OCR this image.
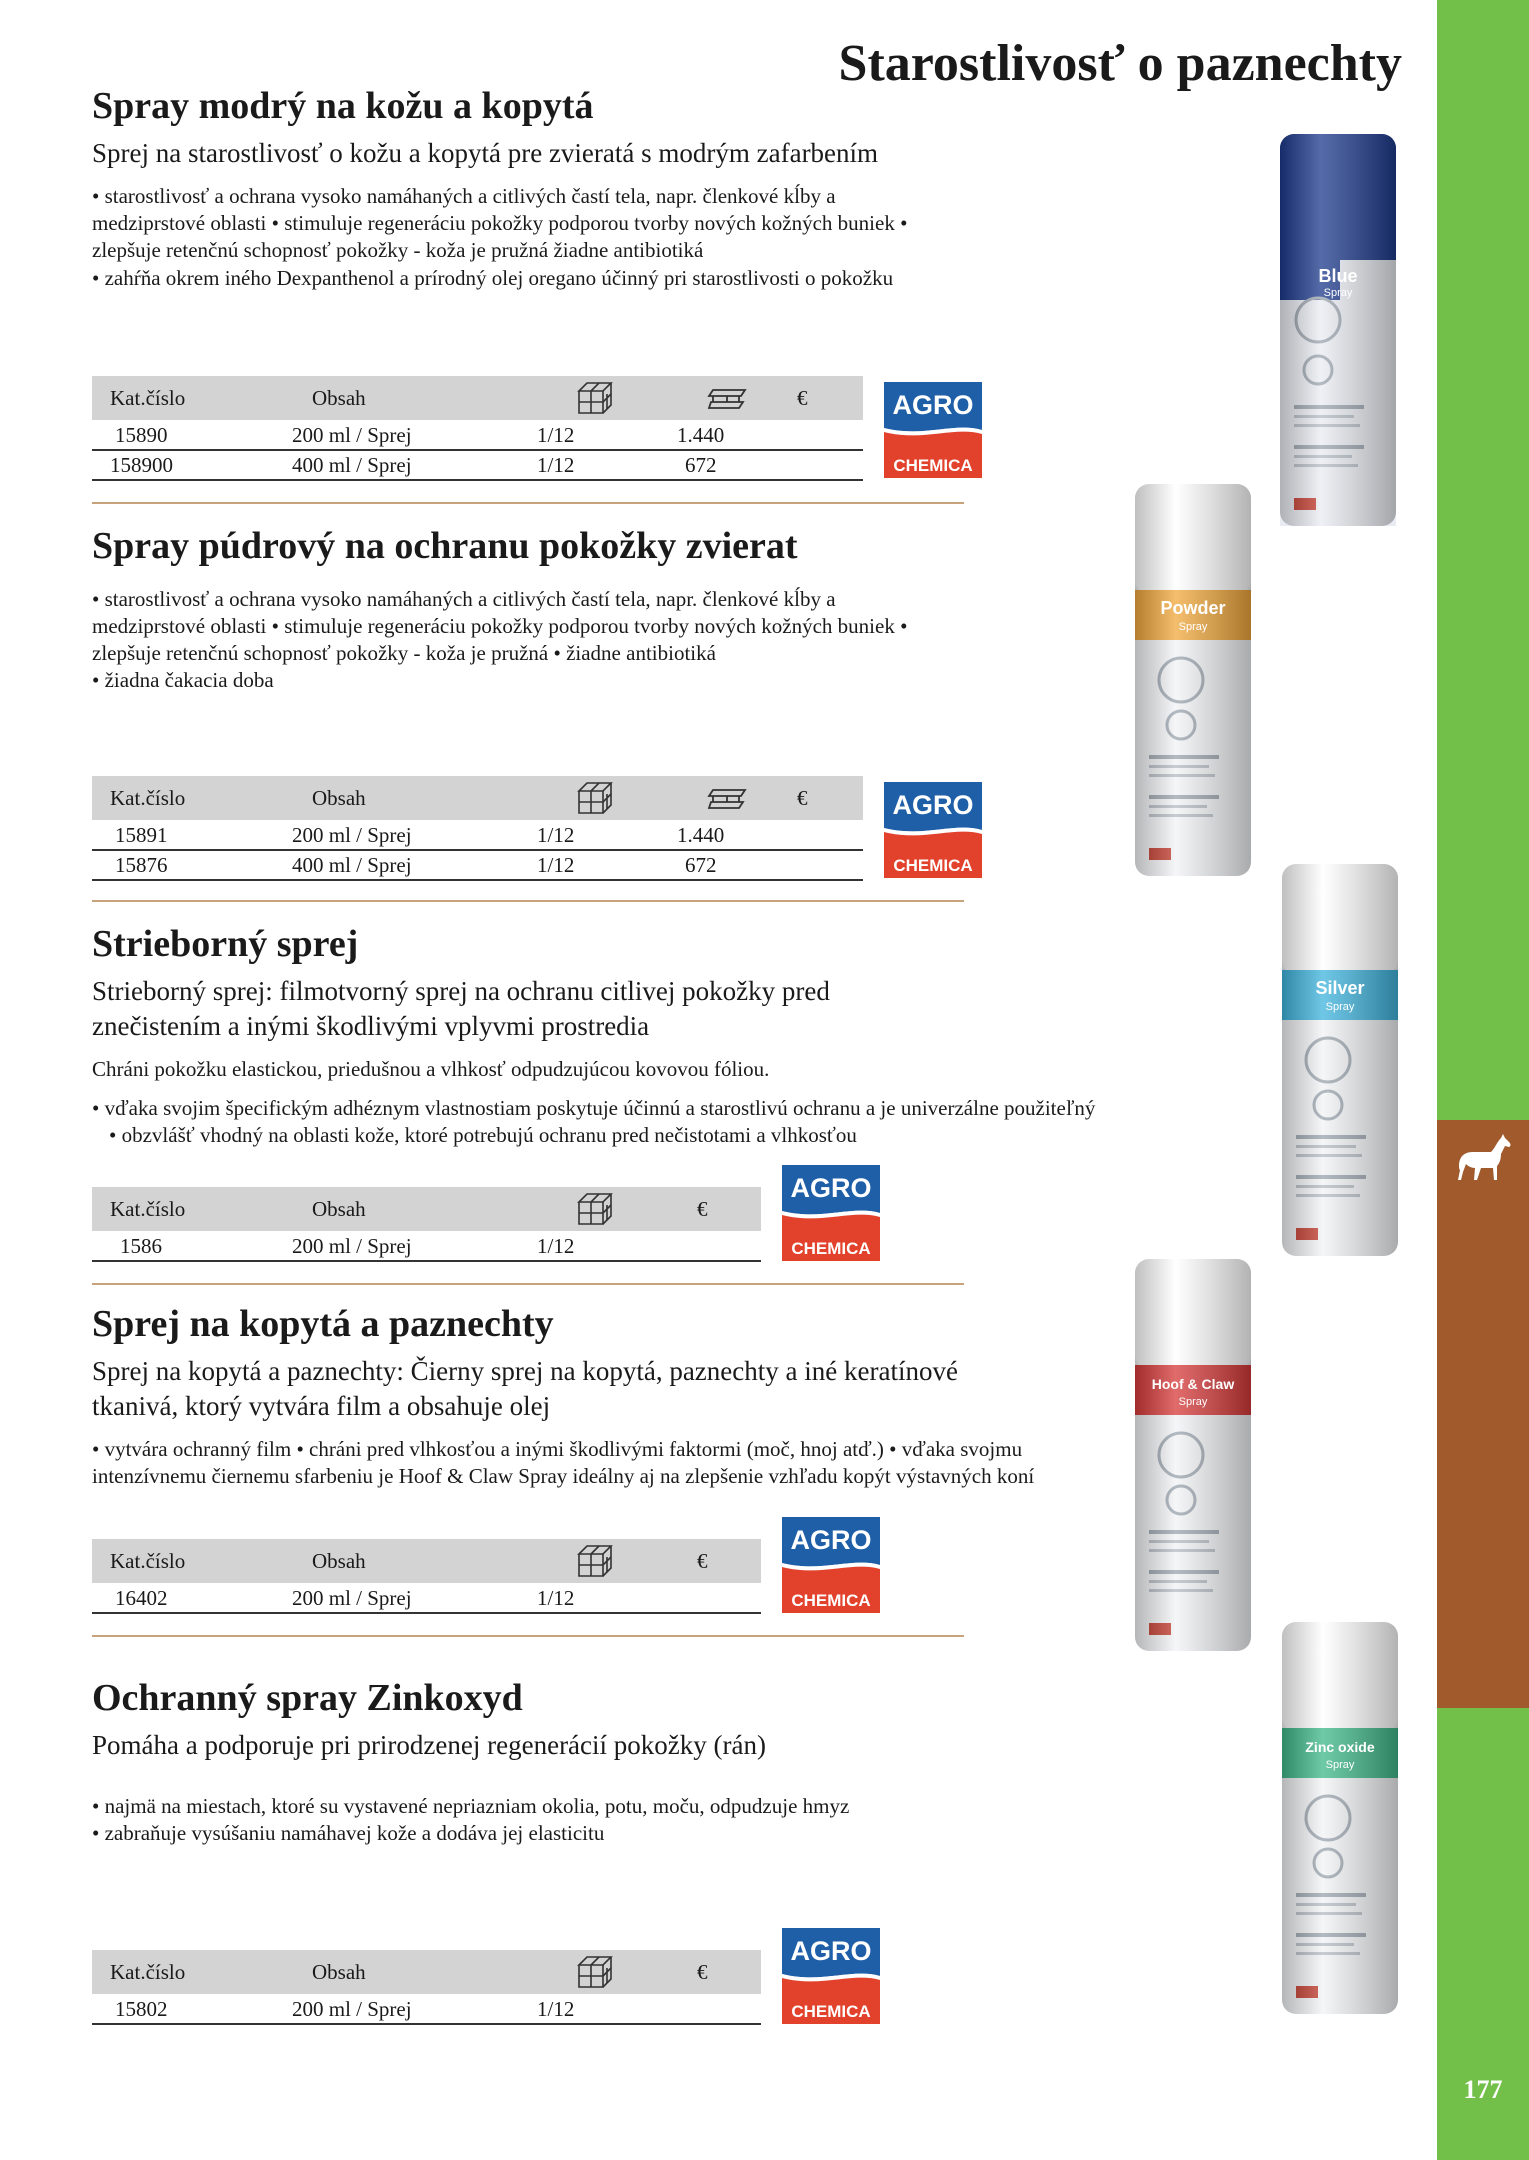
177
Starostlivosť o paznechty
Spray modrý na kožu a kopytá
Sprej na starostlivosť o kožu a kopytá pre zvieratá s modrým zafarbením

• starostlivosť a ochrana vysoko namáhaných a citlivých častí tela, napr. členkové kĺby a medziprstové oblasti • stimuluje regeneráciu pokožky podporou tvorby nových kožných buniek • zlepšuje retenčnú schopnosť pokožky - koža je pružná žiadne antibiotiká

• zahŕňa okrem iného Dexpanthenol a prírodný olej oregano účinný pri starostlivosti o pokožku

Kat.číslo	Obsah			€
15890	200 ml / Sprej	1/12	1.440	
158900	400 ml / Sprej	1/12	672	
AGRO
CHEMICA
Spray púdrový na ochranu pokožky zvierat

• starostlivosť a ochrana vysoko namáhaných a citlivých častí tela, napr. členkové kĺby a medziprstové oblasti • stimuluje regeneráciu pokožky podporou tvorby nových kožných buniek • zlepšuje retenčnú schopnosť pokožky - koža je pružná • žiadne antibiotiká

• žiadna čakacia doba

Kat.číslo	Obsah			€
15891	200 ml / Sprej	1/12	1.440	
15876	400 ml / Sprej	1/12	672	
AGRO
CHEMICA
Strieborný sprej
Strieborný sprej: filmotvorný sprej na ochranu citlivej pokožky pred znečistením a inými škodlivými vplyvmi prostredia

Chráni pokožku elastickou, priedušnou a vlhkosť odpudzujúcou kovovou fóliou.

• vďaka svojim špecifickým adhéznym vlastnostiam poskytuje účinnú a starostlivú ochranu a je univerzálne použiteľný • obzvlášť vhodný na oblasti kože, ktoré potrebujú ochranu pred nečistotami a vlhkosťou

Kat.číslo	Obsah		€
1586	200 ml / Sprej	1/12	
AGRO
CHEMICA
Sprej na kopytá a paznechty
Sprej na kopytá a paznechty: Čierny sprej na kopytá, paznechty a iné keratínové tkanivá, ktorý vytvára film a obsahuje olej

• vytvára ochranný film • chráni pred vlhkosťou a inými škodlivými faktormi (moč, hnoj atď.) • vďaka svojmu intenzívnemu čiernemu sfarbeniu je Hoof & Claw Spray ideálny aj na zlepšenie vzhľadu kopýt výstavných koní

Kat.číslo	Obsah		€
16402	200 ml / Sprej	1/12	
AGRO
CHEMICA
Ochranný spray Zinkoxyd
Pomáha a podporuje pri prirodzenej regenerácií pokožky (rán)

• najmä na miestach, ktoré su vystavené nepriazniam okolia, potu, moču, odpudzuje hmyz

• zabraňuje vysúšaniu namáhavej kože a dodáva jej elasticitu

Kat.číslo	Obsah		€
15802	200 ml / Sprej	1/12	
AGRO
CHEMICA
Blue
Spray
Powder
Spray
Silver
Spray
Hoof & Claw
Spray
Zinc oxide
Spray
